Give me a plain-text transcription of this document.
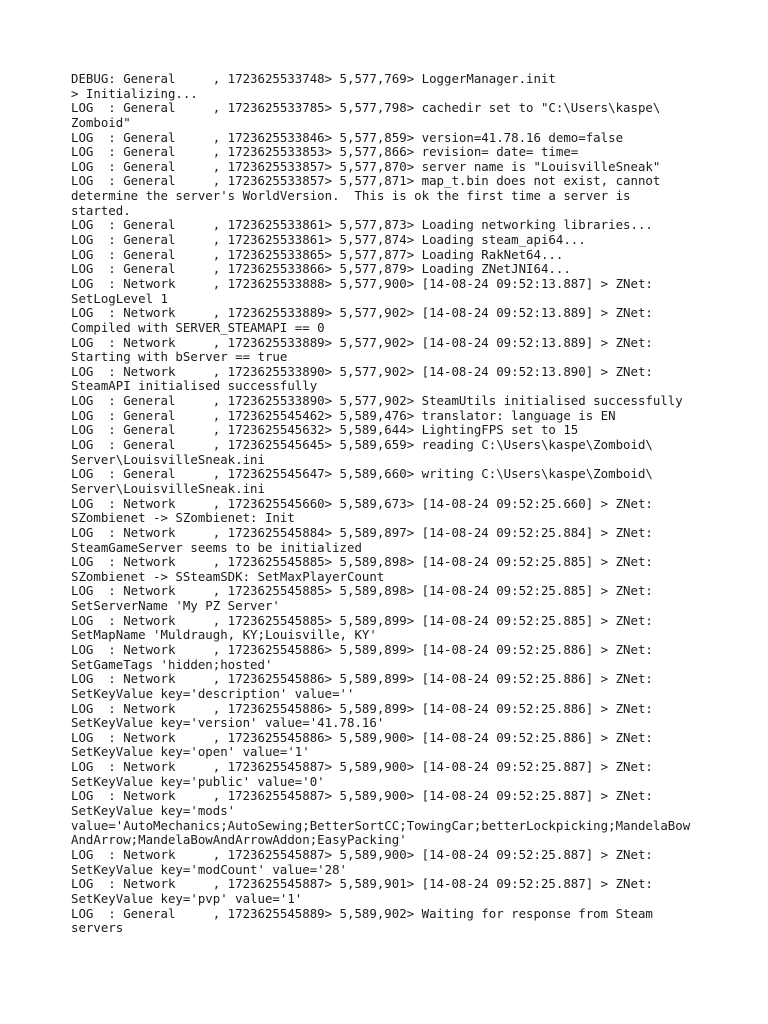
DEBUG: General     , 1723625533748> 5,577,769> LoggerManager.init
> Initializing...
LOG  : General     , 1723625533785> 5,577,798> cachedir set to "C:\Users\kaspe\
Zomboid"
LOG  : General     , 1723625533846> 5,577,859> version=41.78.16 demo=false
LOG  : General     , 1723625533853> 5,577,866> revision= date= time=
LOG  : General     , 1723625533857> 5,577,870> server name is "LouisvilleSneak"
LOG  : General     , 1723625533857> 5,577,871> map_t.bin does not exist, cannot
determine the server's WorldVersion.  This is ok the first time a server is
started.
LOG  : General     , 1723625533861> 5,577,873> Loading networking libraries...
LOG  : General     , 1723625533861> 5,577,874> Loading steam_api64...
LOG  : General     , 1723625533865> 5,577,877> Loading RakNet64...
LOG  : General     , 1723625533866> 5,577,879> Loading ZNetJNI64...
LOG  : Network     , 1723625533888> 5,577,900> [14-08-24 09:52:13.887] > ZNet:
SetLogLevel 1
LOG  : Network     , 1723625533889> 5,577,902> [14-08-24 09:52:13.889] > ZNet:
Compiled with SERVER_STEAMAPI == 0
LOG  : Network     , 1723625533889> 5,577,902> [14-08-24 09:52:13.889] > ZNet:
Starting with bServer == true
LOG  : Network     , 1723625533890> 5,577,902> [14-08-24 09:52:13.890] > ZNet:
SteamAPI initialised successfully
LOG  : General     , 1723625533890> 5,577,902> SteamUtils initialised successfully
LOG  : General     , 1723625545462> 5,589,476> translator: language is EN
LOG  : General     , 1723625545632> 5,589,644> LightingFPS set to 15
LOG  : General     , 1723625545645> 5,589,659> reading C:\Users\kaspe\Zomboid\
Server\LouisvilleSneak.ini
LOG  : General     , 1723625545647> 5,589,660> writing C:\Users\kaspe\Zomboid\
Server\LouisvilleSneak.ini
LOG  : Network     , 1723625545660> 5,589,673> [14-08-24 09:52:25.660] > ZNet:
SZombienet -> SZombienet: Init
LOG  : Network     , 1723625545884> 5,589,897> [14-08-24 09:52:25.884] > ZNet:
SteamGameServer seems to be initialized
LOG  : Network     , 1723625545885> 5,589,898> [14-08-24 09:52:25.885] > ZNet:
SZombienet -> SSteamSDK: SetMaxPlayerCount
LOG  : Network     , 1723625545885> 5,589,898> [14-08-24 09:52:25.885] > ZNet:
SetServerName 'My PZ Server'
LOG  : Network     , 1723625545885> 5,589,899> [14-08-24 09:52:25.885] > ZNet:
SetMapName 'Muldraugh, KY;Louisville, KY'
LOG  : Network     , 1723625545886> 5,589,899> [14-08-24 09:52:25.886] > ZNet:
SetGameTags 'hidden;hosted'
LOG  : Network     , 1723625545886> 5,589,899> [14-08-24 09:52:25.886] > ZNet:
SetKeyValue key='description' value=''
LOG  : Network     , 1723625545886> 5,589,899> [14-08-24 09:52:25.886] > ZNet:
SetKeyValue key='version' value='41.78.16'
LOG  : Network     , 1723625545886> 5,589,900> [14-08-24 09:52:25.886] > ZNet:
SetKeyValue key='open' value='1'
LOG  : Network     , 1723625545887> 5,589,900> [14-08-24 09:52:25.887] > ZNet:
SetKeyValue key='public' value='0'
LOG  : Network     , 1723625545887> 5,589,900> [14-08-24 09:52:25.887] > ZNet:
SetKeyValue key='mods'
value='AutoMechanics;AutoSewing;BetterSortCC;TowingCar;betterLockpicking;MandelaBow
AndArrow;MandelaBowAndArrowAddon;EasyPacking'
LOG  : Network     , 1723625545887> 5,589,900> [14-08-24 09:52:25.887] > ZNet:
SetKeyValue key='modCount' value='28'
LOG  : Network     , 1723625545887> 5,589,901> [14-08-24 09:52:25.887] > ZNet:
SetKeyValue key='pvp' value='1'
LOG  : General     , 1723625545889> 5,589,902> Waiting for response from Steam
servers
